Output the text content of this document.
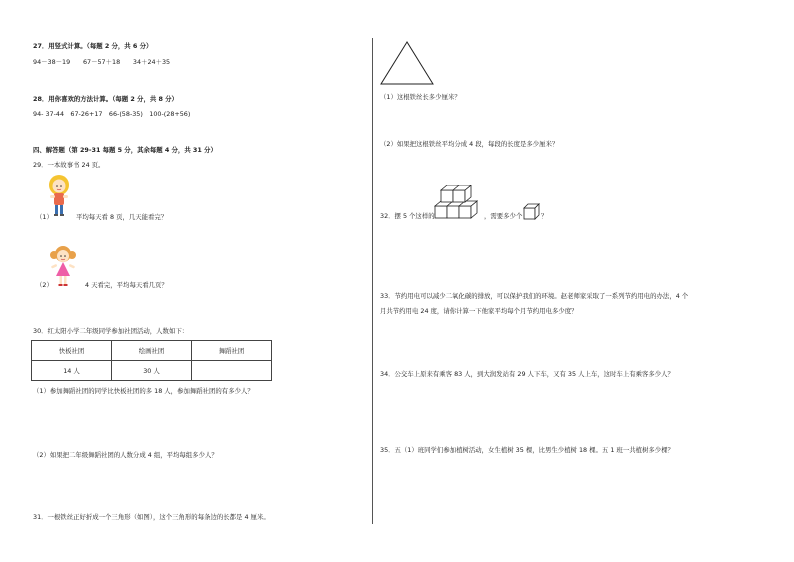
27．用竖式计算。（每题 2 分，共 6 分）
94－38－19　　67－57＋18　　34＋24＋35
28．用你喜欢的方法计算。（每题 2 分，共 8 分）
94- 37-44　67-26+17　66-(58-35)　100-(28+56)
四、解答题（第 29-31 每题 5 分，其余每题 4 分，共 31 分）
29．一本故事书 24 页。
（1）	平均每天看 8 页，几天能看完？
（2）	4 天看完，平均每天看几页？
30．红太阳小学二年级同学参加社团活动，人数如下：
快板社团	绘画社团	舞蹈社团
14 人	30 人	
（1）参加舞蹈社团的同学比快板社团的多 18 人，参加舞蹈社团的有多少人？
（2）如果把二年级舞蹈社团的人数分成 4 组，平均每组多少人？
31．一根铁丝正好折成一个三角形（如图），这个三角形的每条边的长都是 4 厘米。
（1）这根铁丝长多少厘米？
（2）如果把这根铁丝平均分成 4 段，每段的长度是多少厘米？
32．摆 5 个这样的	，需要多少个	？
33．节约用电可以减少二氧化碳的排放，可以保护我们的环境。赵老师家采取了一系列节约用电的办法，4 个
月共节约用电 24 度，请你计算一下他家平均每个月节约用电多少度？
34．公交车上原来有乘客 83 人，到大润发站有 29 人下车，又有 35 人上车，这时车上有乘客多少人？
35．五（1）班同学们参加植树活动，女生植树 35 棵，比男生少植树 18 棵。五 1 班一共植树多少棵？
